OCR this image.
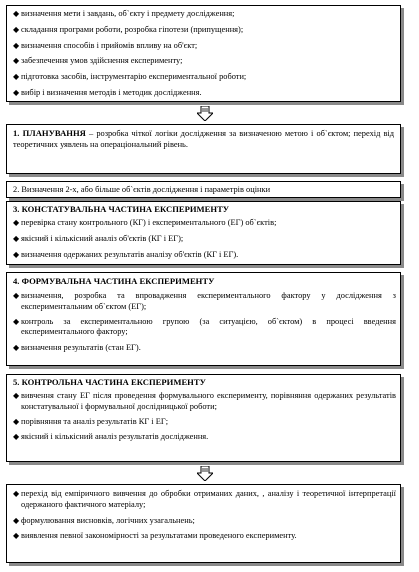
◆ визначення мети і завдань, об`єкту і предмету дослідження;
◆ складання програми роботи, розробка гіпотези (припущення);
◆ визначення способів і прийомів впливу на об'єкт;
◆ забезпечення умов здійснення експерименту;
◆ підготовка засобів, інструментарію експериментальної роботи;
◆ вибір і визначення методів і методик дослідження.
1. ПЛАНУВАННЯ – розробка чіткої логіки дослідження за визначеною метою і об`єктом; перехід від теоретичних уявлень на операціональний рівень.
2. Визначення 2-х, або більше об`єктів дослідження і параметрів оцінки
3. КОНСТАТУВАЛЬНА ЧАСТИНА ЕКСПЕРИМЕНТУ
◆ перевірка стану контрольного (КГ) і експериментального (ЕГ) об`єктів;
◆ якісний і кількісний аналіз об'єктів (КГ і ЕГ);
◆ визначення одержаних результатів аналізу об'єктів (КГ і ЕГ).
4. ФОРМУВАЛЬНА ЧАСТИНА ЕКСПЕРИМЕНТУ
◆ визначення, розробка та впровадження експериментального фактору у дослідження з експериментальним об`єктом (ЕГ);
◆ контроль за експериментальною групою (за ситуацією, об`єктом) в процесі введення експериментального фактору;
◆ визначення результатів (стан ЕГ).
5. КОНТРОЛЬНА ЧАСТИНА ЕКСПЕРИМЕНТУ
◆ вивчення стану ЕГ після проведення формувального експерименту, порівняння одержаних результатів констатувальної і формувальної дослідницької роботи;
◆ порівняння та аналіз результатів КГ і ЕГ;
◆ якісний і кількісний аналіз результатів дослідження.
◆ перехід від емпіричного вивчення до обробки отриманих даних, , аналізу і теоретичної інтерпретації одержаного фактичного матеріалу;
◆ формулювання висновків, логічних узагальнень;
◆ виявлення певної закономірності за результатами проведеного експерименту.
